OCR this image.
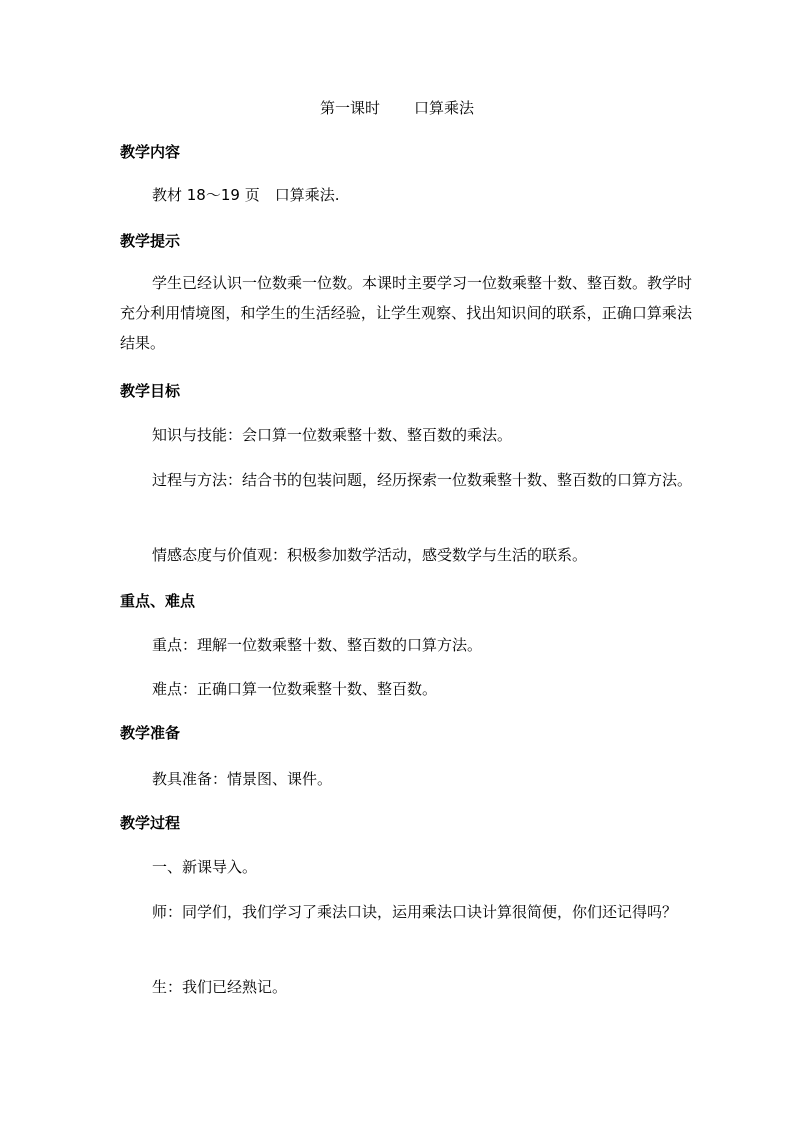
第一课时 口算乘法
教学内容
教材 18～19 页　口算乘法.
教学提示
学生已经认识一位数乘一位数。本课时主要学习一位数乘整十数、整百数。教学时充分利用情境图，和学生的生活经验，让学生观察、找出知识间的联系，正确口算乘法结果。
教学目标
知识与技能：会口算一位数乘整十数、整百数的乘法。
过程与方法：结合书的包装问题，经历探索一位数乘整十数、整百数的口算方法。
情感态度与价值观：积极参加数学活动，感受数学与生活的联系。
重点、难点
重点：理解一位数乘整十数、整百数的口算方法。
难点：正确口算一位数乘整十数、整百数。
教学准备
教具准备：情景图、课件。
教学过程
一、新课导入。
师：同学们，我们学习了乘法口诀，运用乘法口诀计算很简便，你们还记得吗？
生：我们已经熟记。
